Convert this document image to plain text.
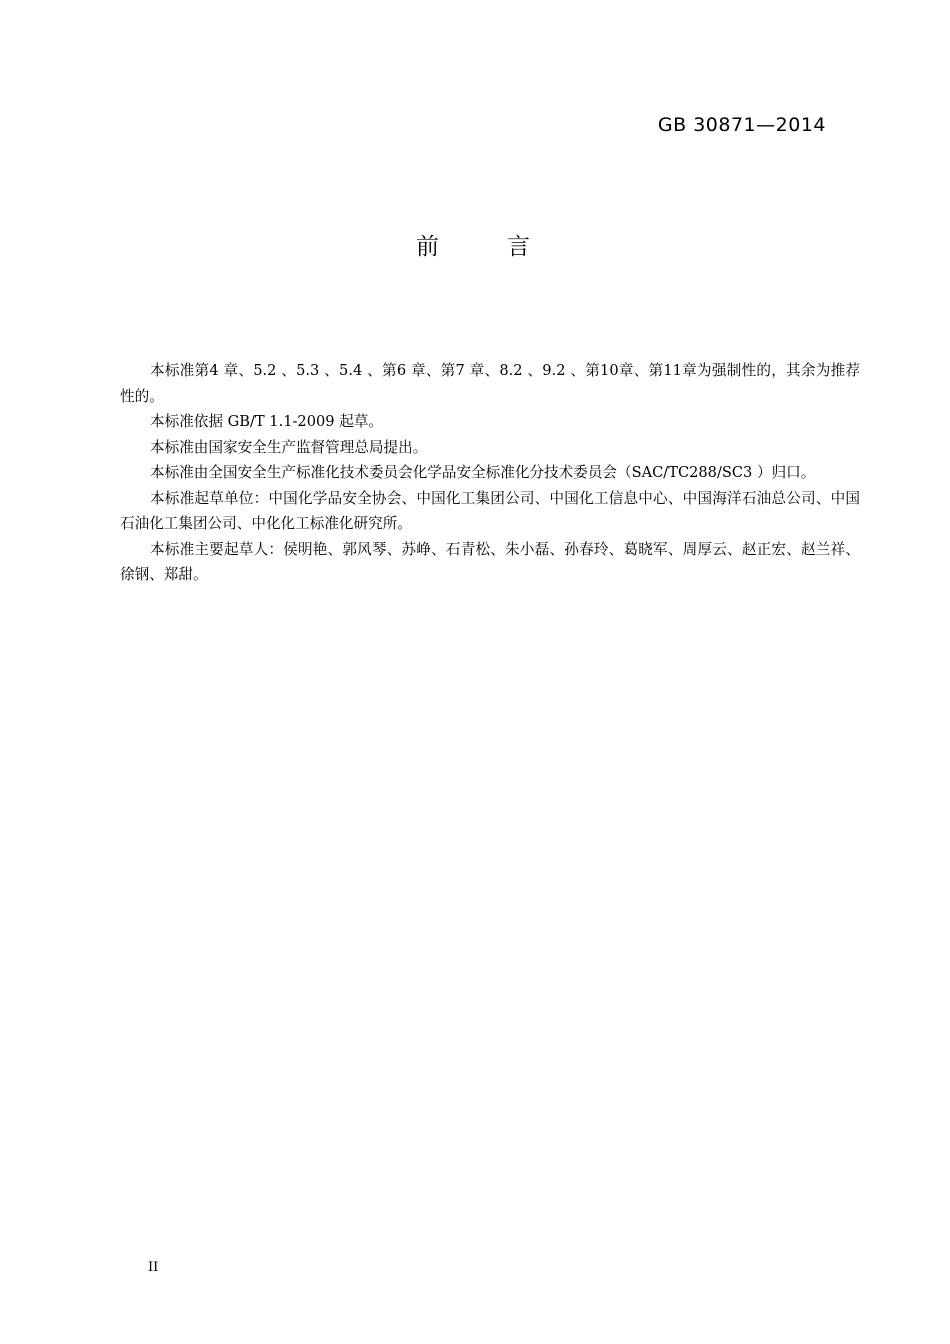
GB 30871—2014
前	言

本标准第4 章、5.2 、5.3 、5.4 、第6 章、第7 章、8.2 、9.2 、第10章、第11章为强制性的，其余为推荐性的。

本标准依据 GB/T 1.1-2009 起草。

本标准由国家安全生产监督管理总局提出。

本标准由全国安全生产标准化技术委员会化学品安全标准化分技术委员会（SAC/TC288/SC3 ）归口。

本标准起草单位：中国化学品安全协会、中国化工集团公司、中国化工信息中心、中国海洋石油总公司、中国石油化工集团公司、中化化工标准化研究所。

本标准主要起草人：侯明艳、郭风琴、苏峥、石青松、朱小磊、孙春玲、葛晓军、周厚云、赵正宏、赵兰祥、徐钢、郑甜。

II
